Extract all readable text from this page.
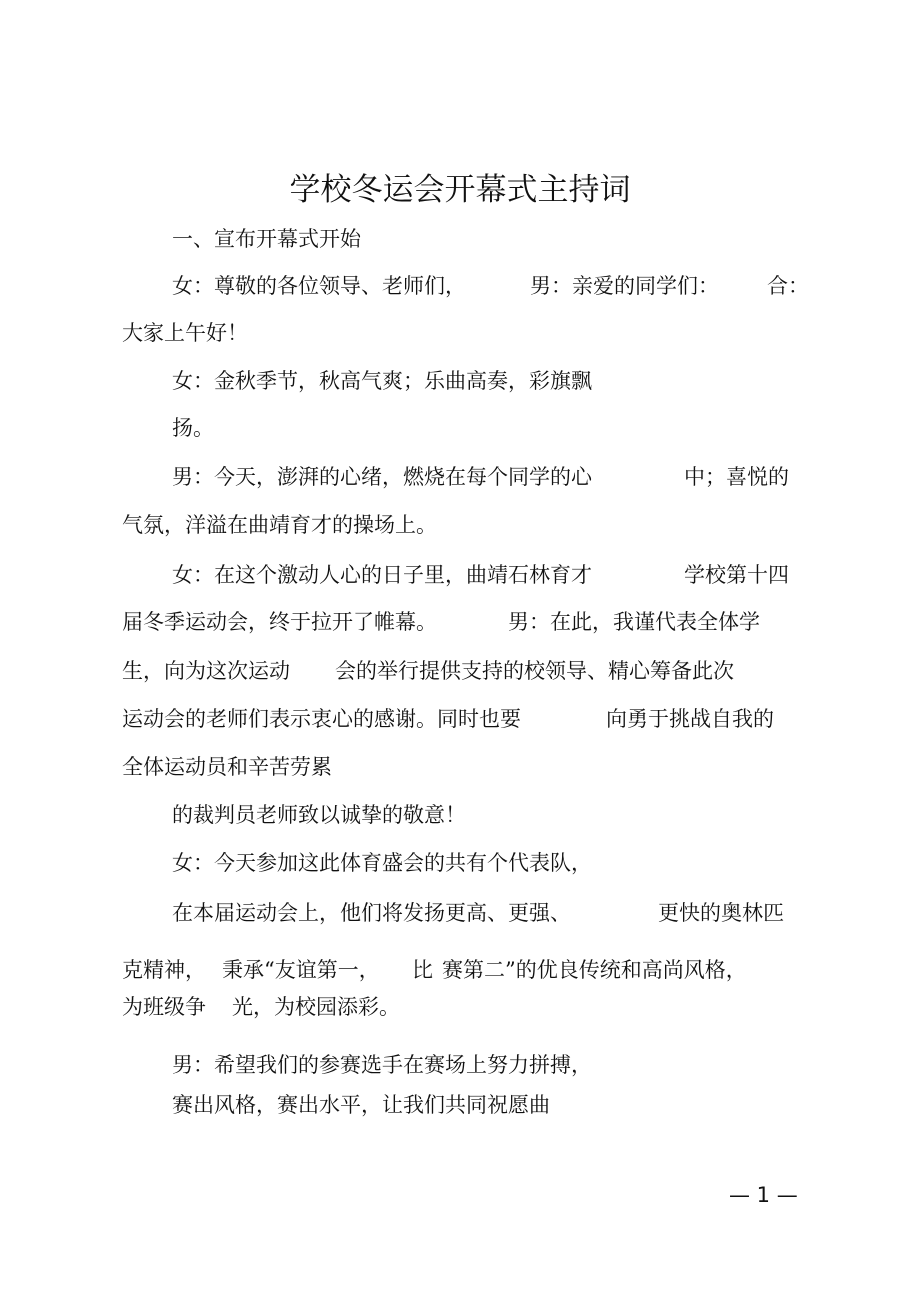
学校冬运会开幕式主持词
一、宣布开幕式开始
女：尊敬的各位领导、老师们，	男：亲爱的同学们： 合：
大家上午好！
女：金秋季节，秋高气爽；乐曲高奏，彩旗飘
扬。
男：今天，澎湃的心绪，燃烧在每个同学的心	中；喜悦的
气氛，洋溢在曲靖育才的操场上。
女：在这个激动人心的日子里，曲靖石林育才	学校第十四
届冬季运动会，终于拉开了帷幕。	男：在此，我谨代表全体学
生，向为这次运动 会的举行提供支持的校领导、精心筹备此次
运动会的老师们表示衷心的感谢。同时也要	向勇于挑战自我的
全体运动员和辛苦劳累
的裁判员老师致以诚挚的敬意！
女：今天参加这此体育盛会的共有个代表队，
在本届运动会上，他们将发扬更高、更强、	更快的奥林匹
克精神， 秉承“友谊第一， 比 赛第二”的优良传统和高尚风格，
为班级争 光，为校园添彩。
男：希望我们的参赛选手在赛场上努力拼搏，
赛出风格，赛出水平，让我们共同祝愿曲
— 1 —
